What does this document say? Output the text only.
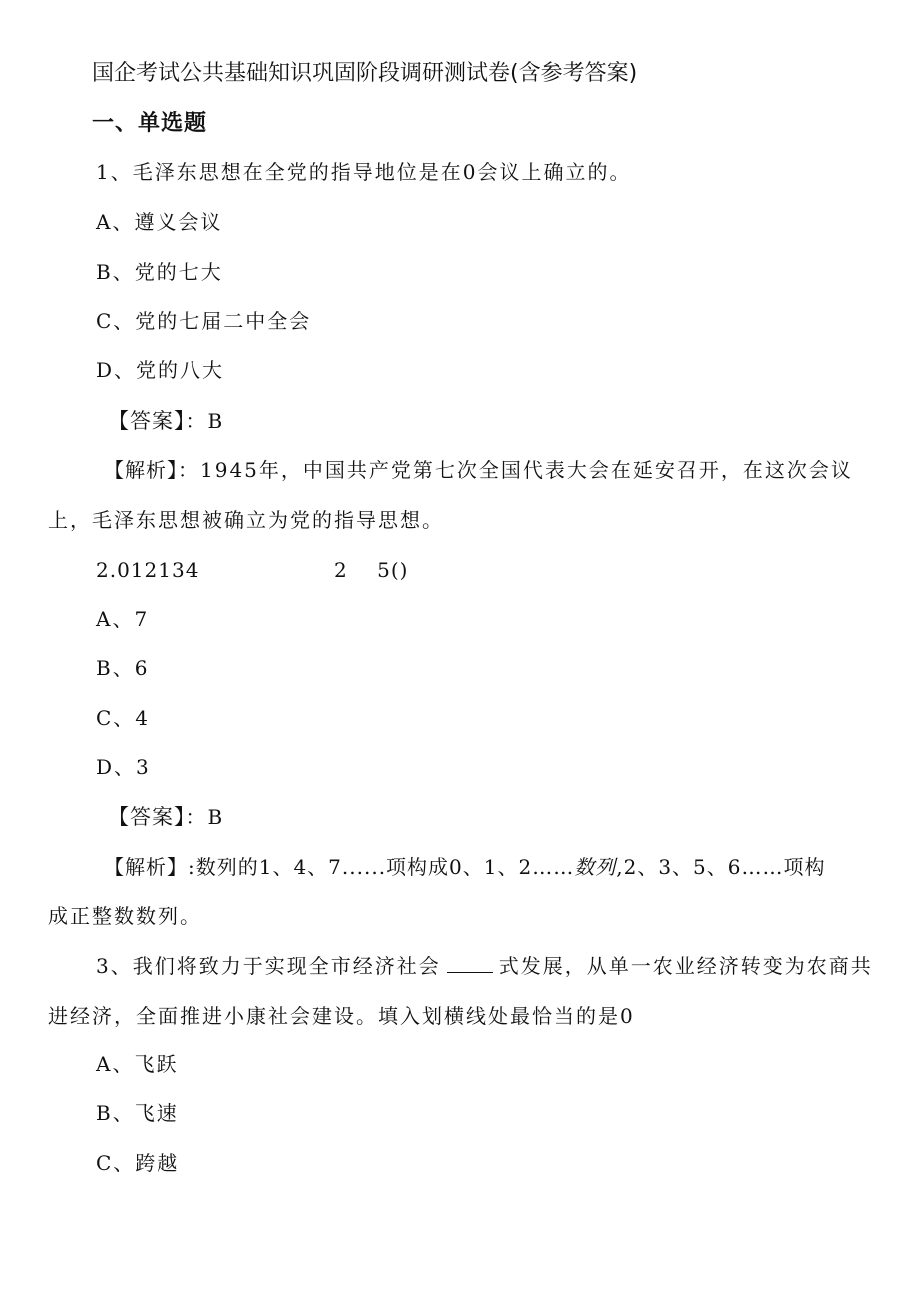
国企考试公共基础知识巩固阶段调研测试卷(含参考答案)
一、单选题
1、毛泽东思想在全党的指导地位是在0会议上确立的。
A、遵义会议
B、党的七大
C、党的七届二中全会
D、党的八大
【答案】：B
【解析】：1945年，中国共产党第七次全国代表大会在延安召开，在这次会议
上，毛泽东思想被确立为党的指导思想。
2.012134	2    5()
A、7
B、6
C、4
D、3
【答案】：B
【解析】:数列的1、4、7......项构成0、1、2……数列,2、3、5、6……项构
成正整数数列。
3、我们将致力于实现全市经济社会	式发展，从单一农业经济转变为农商共
进经济，全面推进小康社会建设。填入划横线处最恰当的是0
A、飞跃
B、飞速
C、跨越
